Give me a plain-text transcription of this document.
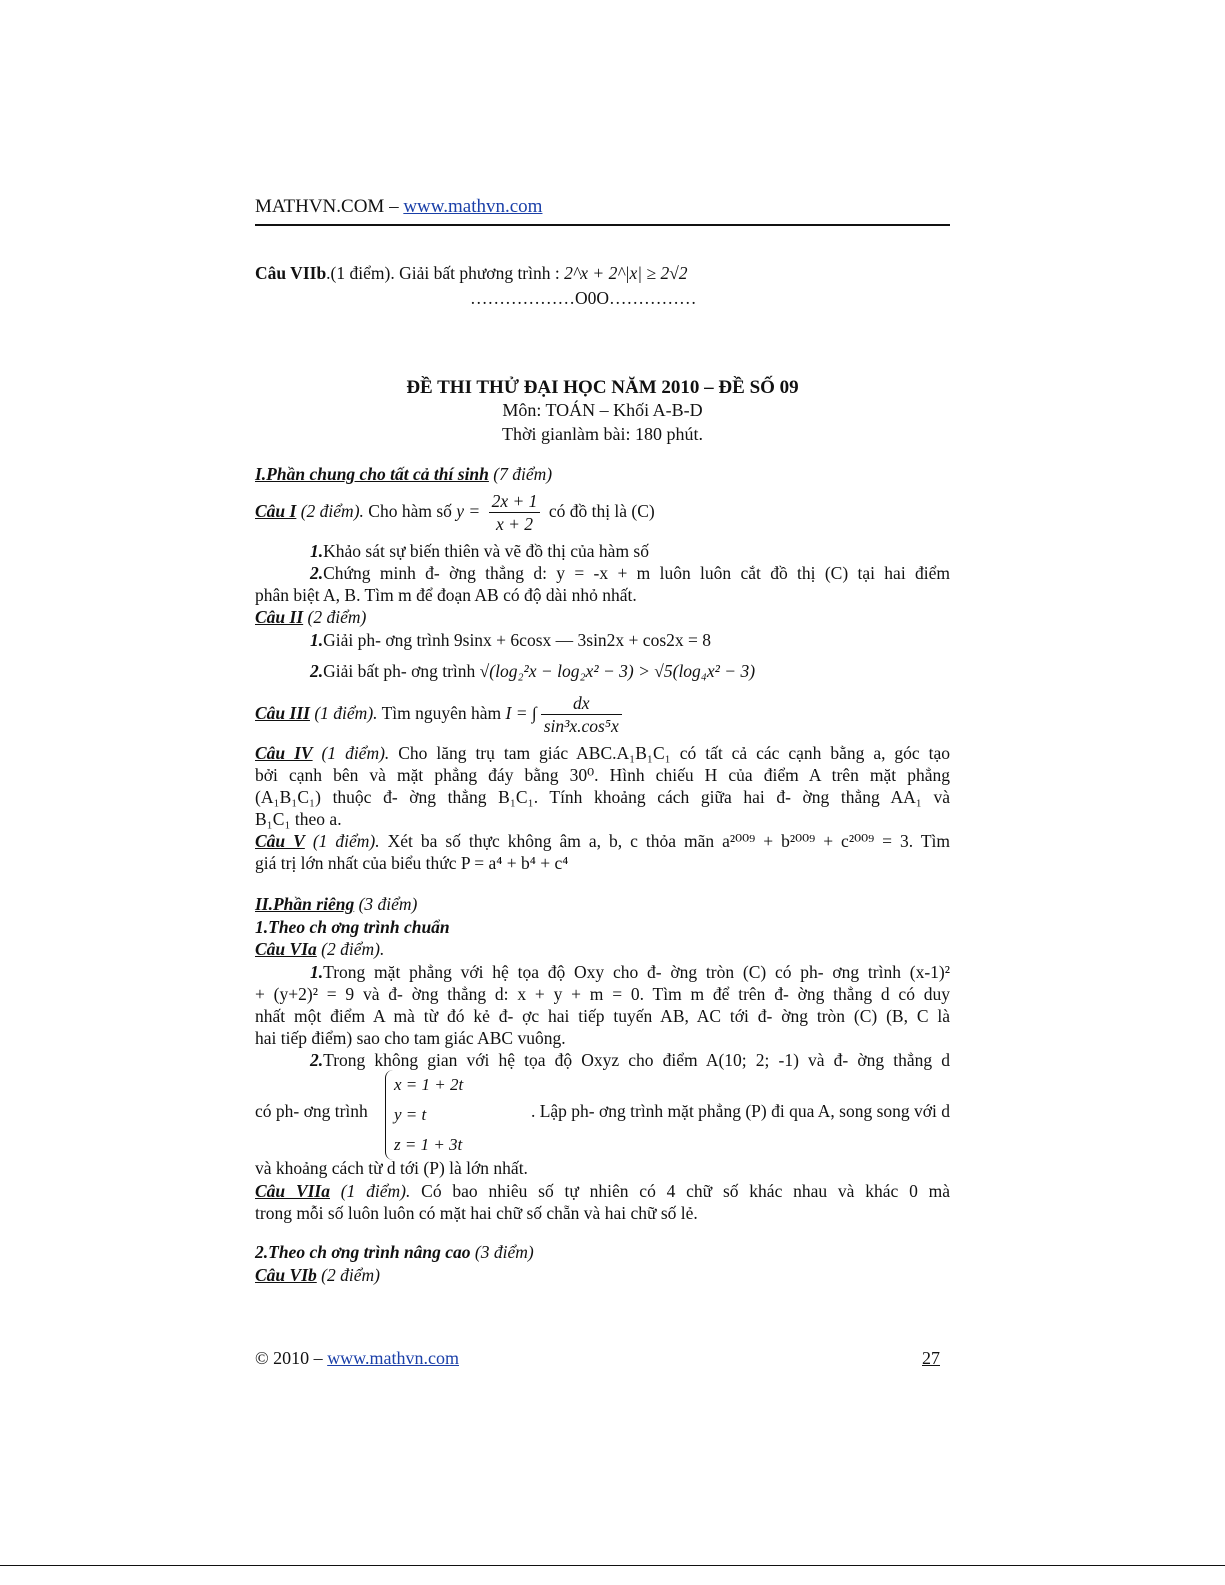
MATHVN.COM – www.mathvn.com
Câu VIIb.(1 điểm). Giải bất phương trình : 2^x + 2^|x| ≥ 2√2
………………O0O……………
ĐỀ THI THỬ ĐẠI HỌC NĂM 2010 – ĐỀ SỐ 09
Môn: TOÁN – Khối A-B-D
Thời gianlàm bài: 180 phút.
I.Phần chung cho tất cả thí sinh (7 điểm)
Câu I (2 điểm). Cho hàm số $y = \frac{2x + 1}{x + 2}$ có đồ thị là (C)
1.Khảo sát sự biến thiên và vẽ đồ thị của hàm số
2.Chứng minh đ- ờng thẳng d: y = -x + m luôn luôn cắt đồ thị (C) tại hai điểm
phân biệt A, B. Tìm m để đoạn AB có độ dài nhỏ nhất.
Câu II (2 điểm)
1.Giải ph- ơng trình 9sinx + 6cosx — 3sin2x + cos2x = 8
2.Giải bất ph- ơng trình √(log₂²x − log₂x² − 3) > √5(log₄x² − 3)
Câu III (1 điểm). Tìm nguyên hàm I = ∫ $\frac{dx}{\text{sin³x.cos⁵x}}$
Câu IV (1 điểm). Cho lăng trụ tam giác ABC.A₁B₁C₁ có tất cả các cạnh bằng a, góc tạo
bởi cạnh bên và mặt phẳng đáy bằng 30⁰. Hình chiếu H của điểm A trên mặt phẳng
(A₁B₁C₁) thuộc đ- ờng thẳng B₁C₁. Tính khoảng cách giữa hai đ- ờng thẳng AA₁ và
B₁C₁ theo a.
Câu V (1 điểm). Xét ba số thực không âm a, b, c thỏa mãn a²⁰⁰⁹ + b²⁰⁰⁹ + c²⁰⁰⁹ = 3. Tìm
giá trị lớn nhất của biểu thức P = a⁴ + b⁴ + c⁴
II.Phần riêng (3 điểm)
1.Theo ch ơng trình chuẩn
Câu VIa (2 điểm).
1.Trong mặt phẳng với hệ tọa độ Oxy cho đ- ờng tròn (C) có ph- ơng trình (x-1)²
+ (y+2)² = 9 và đ- ờng thẳng d: x + y + m = 0. Tìm m để trên đ- ờng thẳng d có duy
nhất một điểm A mà từ đó kẻ đ- ợc hai tiếp tuyến AB, AC tới đ- ờng tròn (C) (B, C là
hai tiếp điểm) sao cho tam giác ABC vuông.
2.Trong không gian với hệ tọa độ Oxyz cho điểm A(10; 2; -1) và đ- ờng thẳng d
có ph- ơng trình
x = 1 + 2t
y = t
z = 1 + 3t
. Lập ph- ơng trình mặt phẳng (P) đi qua A, song song với d
và khoảng cách từ d tới (P) là lớn nhất.
Câu VIIa (1 điểm). Có bao nhiêu số tự nhiên có 4 chữ số khác nhau và khác 0 mà
trong mỗi số luôn luôn có mặt hai chữ số chẵn và hai chữ số lẻ.
2.Theo ch ơng trình nâng cao (3 điểm)
Câu VIb (2 điểm)
© 2010 – www.mathvn.com	27
